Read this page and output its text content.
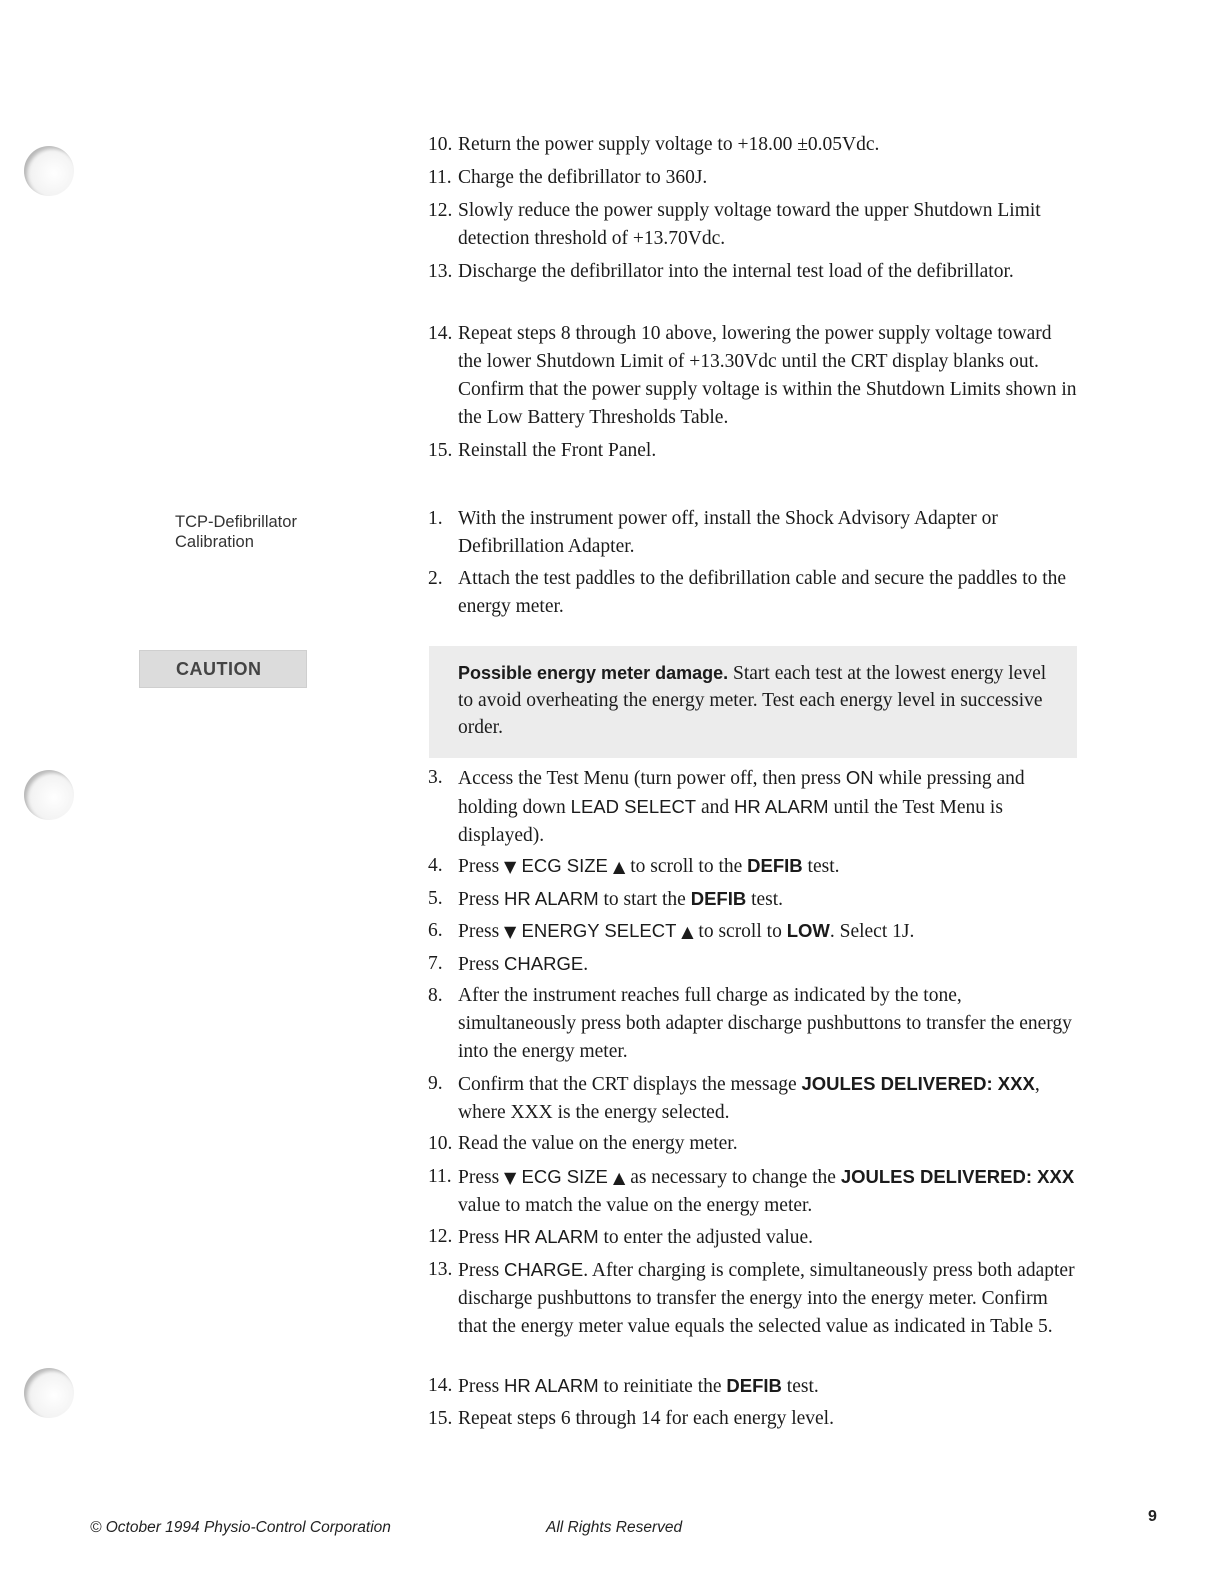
10. Return the power supply voltage to +18.00 ±0.05Vdc.
11. Charge the defibrillator to 360J.
12. Slowly reduce the power supply voltage toward the upper Shutdown Limit detection threshold of +13.70Vdc.
13. Discharge the defibrillator into the internal test load of the defibrillator.
14. Repeat steps 8 through 10 above, lowering the power supply voltage toward the lower Shutdown Limit of +13.30Vdc until the CRT display blanks out. Confirm that the power supply voltage is within the Shutdown Limits shown in the Low Battery Thresholds Table.
15. Reinstall the Front Panel.
TCP-Defibrillator
Calibration
1. With the instrument power off, install the Shock Advisory Adapter or Defibrillation Adapter.
2. Attach the test paddles to the defibrillation cable and secure the paddles to the energy meter.
CAUTION	Possible energy meter damage. Start each test at the lowest energy level to avoid overheating the energy meter. Test each energy level in successive order.
3. Access the Test Menu (turn power off, then press ON while pressing and holding down LEAD SELECT and HR ALARM until the Test Menu is displayed).
4. Press ▼ ECG SIZE ▲ to scroll to the DEFIB test.
5. Press HR ALARM to start the DEFIB test.
6. Press ▼ ENERGY SELECT ▲ to scroll to LOW. Select 1J.
7. Press CHARGE.
8. After the instrument reaches full charge as indicated by the tone, simultaneously press both adapter discharge pushbuttons to transfer the energy into the energy meter.
9. Confirm that the CRT displays the message JOULES DELIVERED: XXX, where XXX is the energy selected.
10. Read the value on the energy meter.
11. Press ▼ ECG SIZE ▲ as necessary to change the JOULES DELIVERED: XXX value to match the value on the energy meter.
12. Press HR ALARM to enter the adjusted value.
13. Press CHARGE. After charging is complete, simultaneously press both adapter discharge pushbuttons to transfer the energy into the energy meter. Confirm that the energy meter value equals the selected value as indicated in Table 5.
14. Press HR ALARM to reinitiate the DEFIB test.
15. Repeat steps 6 through 14 for each energy level.
© October 1994 Physio-Control Corporation	All Rights Reserved
9
